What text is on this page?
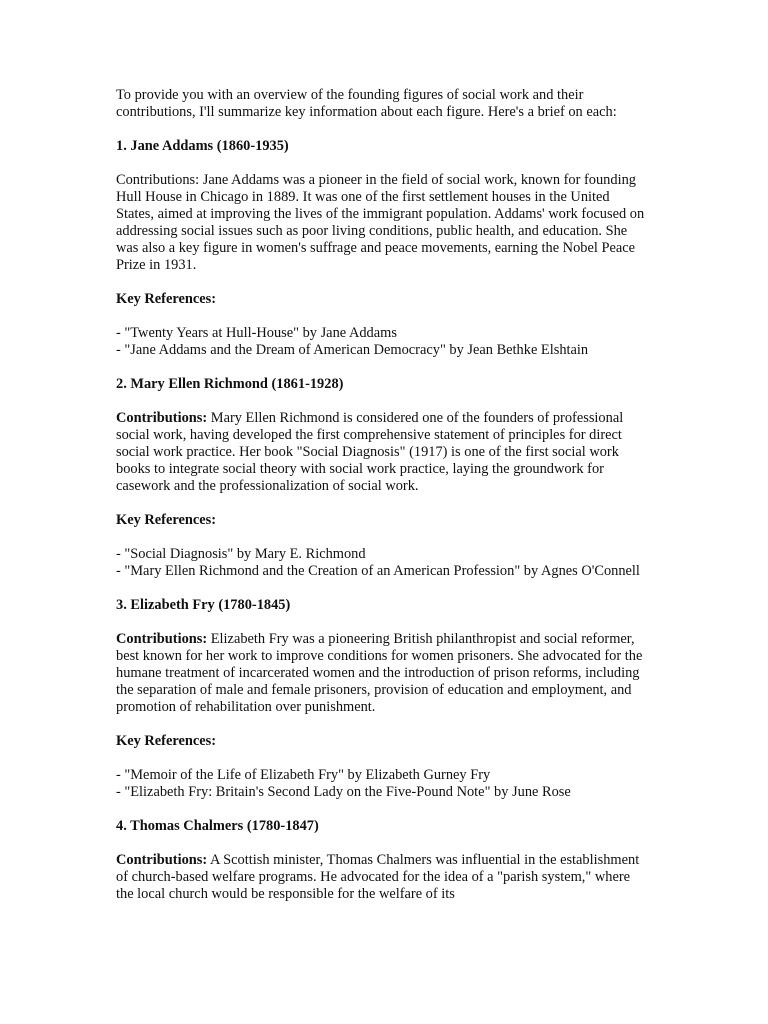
To provide you with an overview of the founding figures of social work and their contributions, I'll summarize key information about each figure. Here's a brief on each:

1. Jane Addams (1860-1935)

Contributions: Jane Addams was a pioneer in the field of social work, known for founding Hull House in Chicago in 1889. It was one of the first settlement houses in the United States, aimed at improving the lives of the immigrant population. Addams' work focused on addressing social issues such as poor living conditions, public health, and education. She was also a key figure in women's suffrage and peace movements, earning the Nobel Peace Prize in 1931.

Key References:

- "Twenty Years at Hull-House" by Jane Addams
- "Jane Addams and the Dream of American Democracy" by Jean Bethke Elshtain

2. Mary Ellen Richmond (1861-1928)

Contributions: Mary Ellen Richmond is considered one of the founders of professional social work, having developed the first comprehensive statement of principles for direct social work practice. Her book "Social Diagnosis" (1917) is one of the first social work books to integrate social theory with social work practice, laying the groundwork for casework and the professionalization of social work.

Key References:

- "Social Diagnosis" by Mary E. Richmond
- "Mary Ellen Richmond and the Creation of an American Profession" by Agnes O'Connell

3. Elizabeth Fry (1780-1845)

Contributions: Elizabeth Fry was a pioneering British philanthropist and social reformer, best known for her work to improve conditions for women prisoners. She advocated for the humane treatment of incarcerated women and the introduction of prison reforms, including the separation of male and female prisoners, provision of education and employment, and promotion of rehabilitation over punishment.

Key References:

- "Memoir of the Life of Elizabeth Fry" by Elizabeth Gurney Fry
- "Elizabeth Fry: Britain's Second Lady on the Five-Pound Note" by June Rose

4. Thomas Chalmers (1780-1847)

Contributions: A Scottish minister, Thomas Chalmers was influential in the establishment of church-based welfare programs. He advocated for the idea of a "parish system," where the local church would be responsible for the welfare of its
